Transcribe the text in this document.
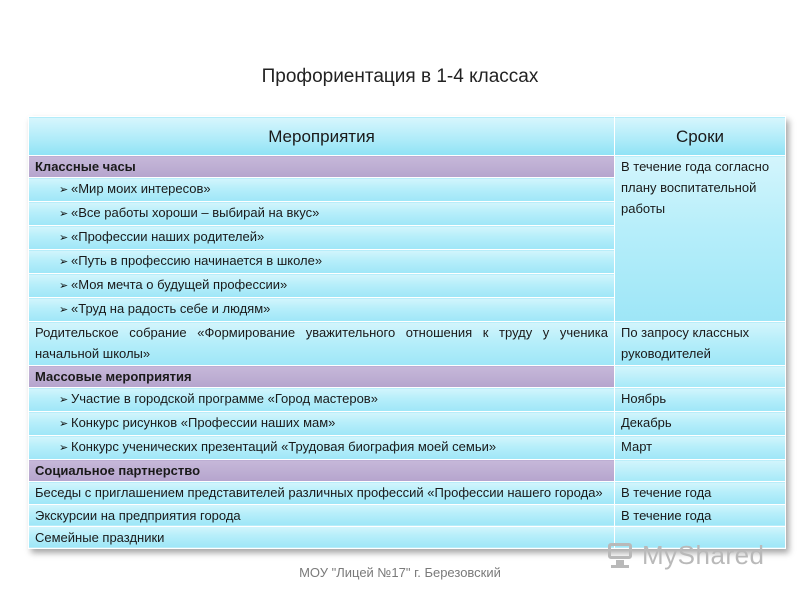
Профориентация в 1-4 классах
Мероприятия	Сроки
Классные часы	В течение года согласно плану воспитательной работы
➢ «Мир моих интересов»	
➢ «Все работы хороши – выбирай на вкус»	
➢ «Профессии наших родителей»	
➢ «Путь в профессию начинается в школе»	
➢ «Моя мечта о будущей профессии»	
➢ «Труд на радость себе и людям»	
Родительское собрание «Формирование уважительного отношения к труду у ученика начальной школы»	По запросу классных руководителей
Массовые мероприятия	
➢ Участие в городской программе «Город мастеров»	Ноябрь
➢ Конкурс рисунков «Профессии наших мам»	Декабрь
➢ Конкурс ученических презентаций «Трудовая биография моей семьи»	Март
Социальное партнерство	
Беседы с приглашением представителей различных профессий «Профессии нашего города»	В течение года
Экскурсии на предприятия города	В течение года
Семейные праздники	
MyShared
МОУ "Лицей №17" г. Березовский
